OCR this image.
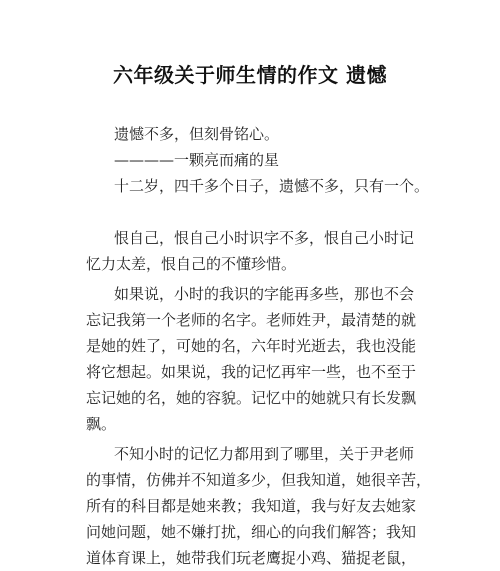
六年级关于师生情的作文 遗憾
遗憾不多，但刻骨铭心。
————一颗亮而痛的星
十二岁，四千多个日子，遗憾不多，只有一个。
恨自己，恨自己小时识字不多，恨自己小时记
忆力太差，恨自己的不懂珍惜。
如果说，小时的我识的字能再多些，那也不会
忘记我第一个老师的名字。老师姓尹，最清楚的就
是她的姓了，可她的名，六年时光逝去，我也没能
将它想起。如果说，我的记忆再牢一些，也不至于
忘记她的名，她的容貌。记忆中的她就只有长发飘
飘。
不知小时的记忆力都用到了哪里，关于尹老师
的事情，仿佛并不知道多少，但我知道，她很辛苦，
所有的科目都是她来教；我知道，我与好友去她家
问她问题，她不嫌打扰，细心的向我们解答；我知
道体育课上，她带我们玩老鹰捉小鸡、猫捉老鼠，
